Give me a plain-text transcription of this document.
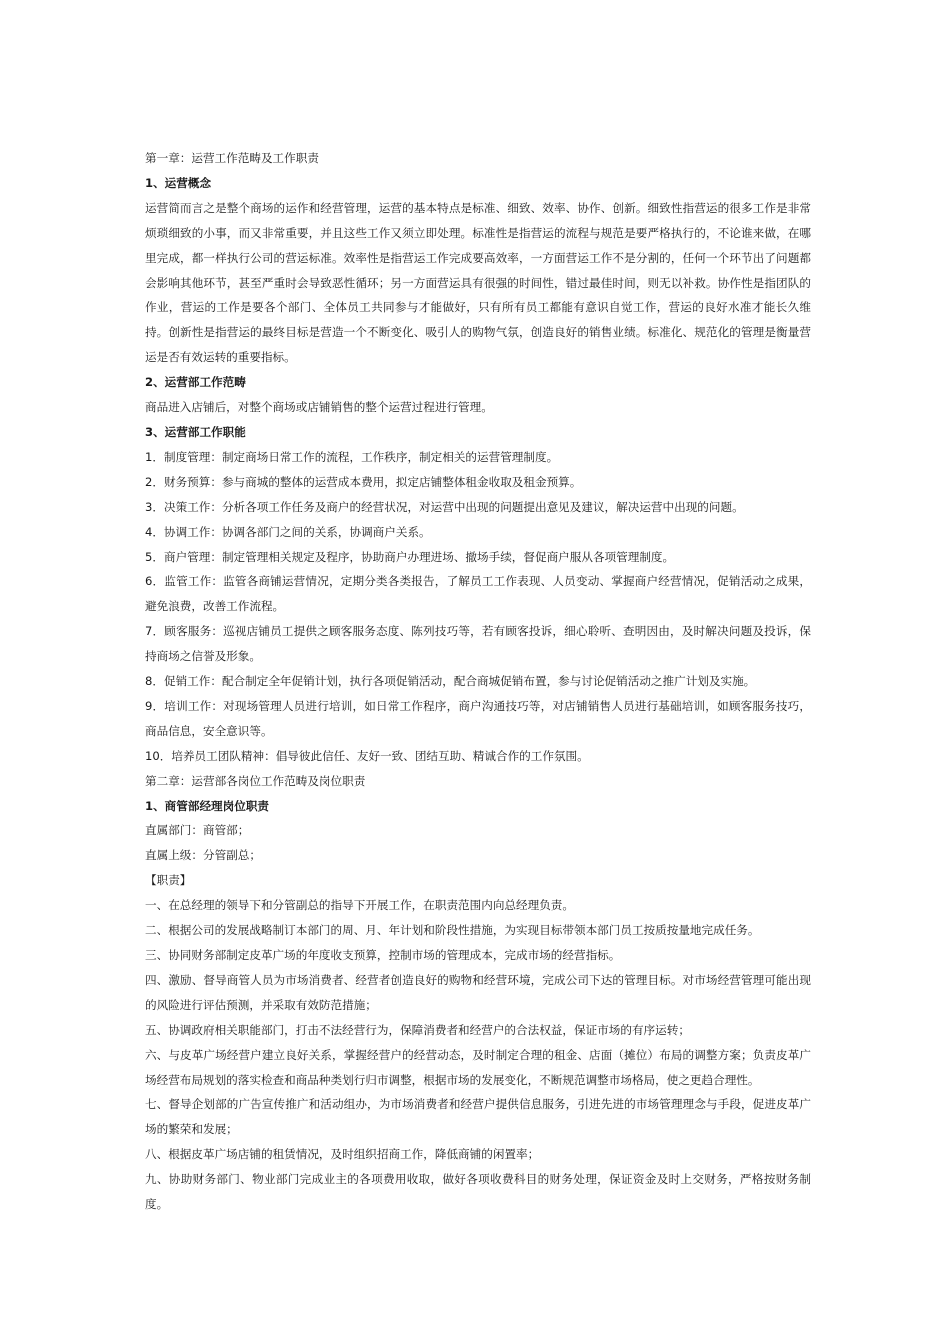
第一章：运营工作范畴及工作职责

1、运营概念

运营简而言之是整个商场的运作和经营管理，运营的基本特点是标准、细致、效率、协作、创新。细致性指营运的很多工作是非常烦琐细致的小事，而又非常重要，并且这些工作又须立即处理。标准性是指营运的流程与规范是要严格执行的，不论谁来做，在哪里完成，都一样执行公司的营运标准。效率性是指营运工作完成要高效率，一方面营运工作不是分割的，任何一个环节出了问题都会影响其他环节，甚至严重时会导致恶性循环；另一方面营运具有很强的时间性，错过最佳时间，则无以补救。协作性是指团队的作业，营运的工作是要各个部门、全体员工共同参与才能做好，只有所有员工都能有意识自觉工作，营运的良好水准才能长久维持。创新性是指营运的最终目标是营造一个不断变化、吸引人的购物气氛，创造良好的销售业绩。标准化、规范化的管理是衡量营运是否有效运转的重要指标。

2、运营部工作范畴

商品进入店铺后，对整个商场或店铺销售的整个运营过程进行管理。

3、运营部工作职能

1．制度管理：制定商场日常工作的流程，工作秩序，制定相关的运营管理制度。

2．财务预算：参与商城的整体的运营成本费用，拟定店铺整体租金收取及租金预算。

3．决策工作：分析各项工作任务及商户的经营状况，对运营中出现的问题提出意见及建议，解决运营中出现的问题。

4．协调工作：协调各部门之间的关系，协调商户关系。

5．商户管理：制定管理相关规定及程序，协助商户办理进场、撤场手续，督促商户服从各项管理制度。

6．监管工作：监管各商铺运营情况，定期分类各类报告，了解员工工作表现、人员变动、掌握商户经营情况，促销活动之成果，避免浪费，改善工作流程。

7．顾客服务：巡视店铺员工提供之顾客服务态度、陈列技巧等，若有顾客投诉，细心聆听、查明因由，及时解决问题及投诉，保持商场之信誉及形象。

8．促销工作：配合制定全年促销计划，执行各项促销活动，配合商城促销布置，参与讨论促销活动之推广计划及实施。

9．培训工作：对现场管理人员进行培训，如日常工作程序，商户沟通技巧等，对店铺销售人员进行基础培训，如顾客服务技巧，商品信息，安全意识等。

10．培养员工团队精神：倡导彼此信任、友好一致、团结互助、精诚合作的工作氛围。

第二章：运营部各岗位工作范畴及岗位职责

1、商管部经理岗位职责

直属部门：商管部；

直属上级：分管副总；

【职责】

一、在总经理的领导下和分管副总的指导下开展工作，在职责范围内向总经理负责。

二、根据公司的发展战略制订本部门的周、月、年计划和阶段性措施，为实现目标带领本部门员工按质按量地完成任务。

三、协同财务部制定皮革广场的年度收支预算，控制市场的管理成本，完成市场的经营指标。

四、激励、督导商管人员为市场消费者、经营者创造良好的购物和经营环境，完成公司下达的管理目标。对市场经营管理可能出现的风险进行评估预测，并采取有效防范措施；

五、协调政府相关职能部门，打击不法经营行为，保障消费者和经营户的合法权益，保证市场的有序运转；

六、与皮革广场经营户建立良好关系，掌握经营户的经营动态，及时制定合理的租金、店面（摊位）布局的调整方案；负责皮革广场经营布局规划的落实检查和商品种类划行归市调整，根据市场的发展变化，不断规范调整市场格局，使之更趋合理性。

七、督导企划部的广告宣传推广和活动组办，为市场消费者和经营户提供信息服务，引进先进的市场管理理念与手段，促进皮革广场的繁荣和发展；

八、根据皮革广场店铺的租赁情况，及时组织招商工作，降低商铺的闲置率；

九、协助财务部门、物业部门完成业主的各项费用收取，做好各项收费科目的财务处理，保证资金及时上交财务，严格按财务制度。
